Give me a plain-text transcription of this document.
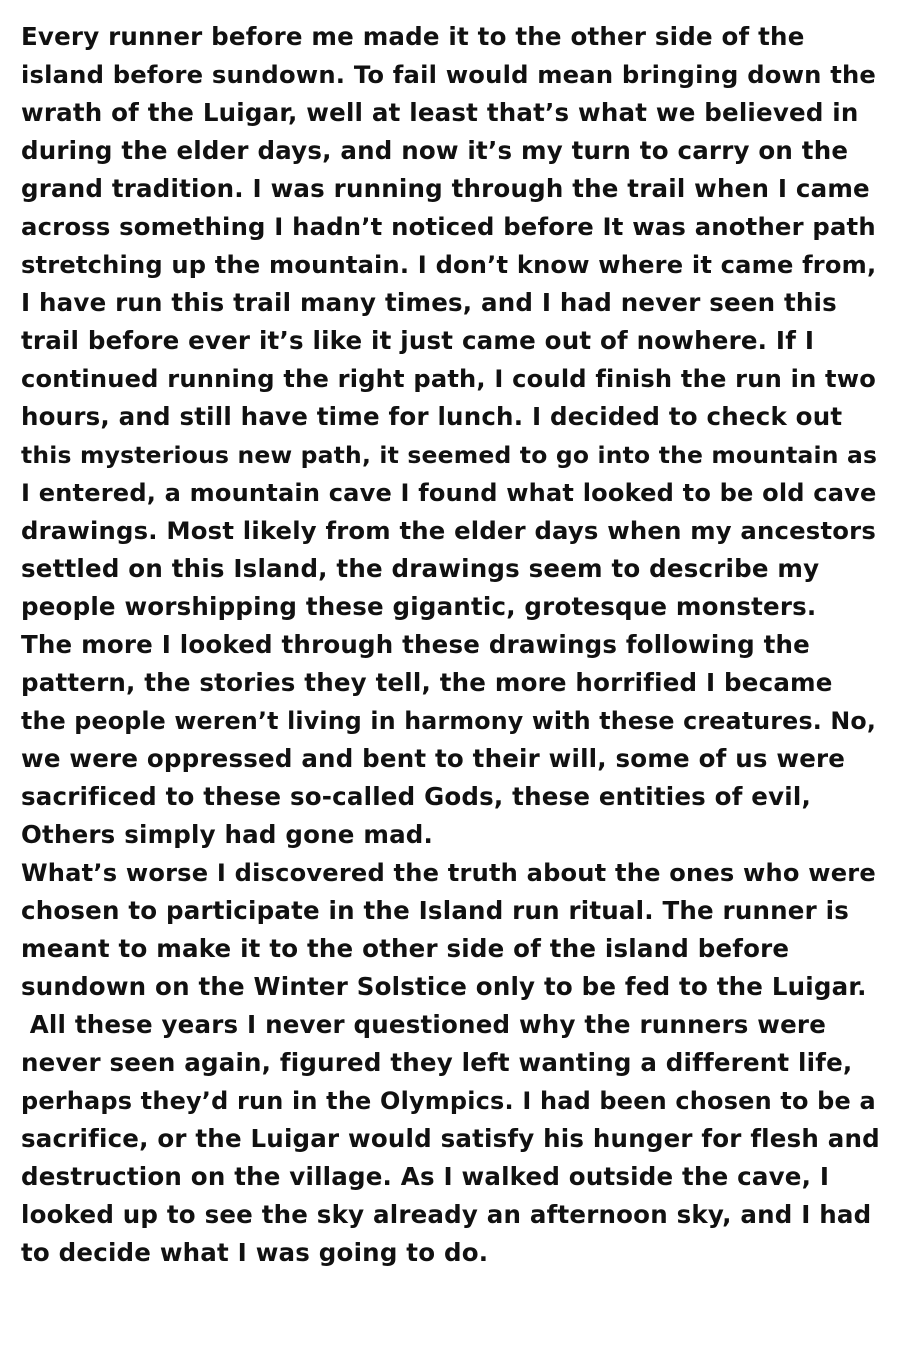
Every runner before me made it to the other side of the
island before sundown. To fail would mean bringing down the
wrath of the Luigar, well at least that’s what we believed in
during the elder days, and now it’s my turn to carry on the
grand tradition. I was running through the trail when I came
across something I hadn’t noticed before It was another path
stretching up the mountain. I don’t know where it came from,
I have run this trail many times, and I had never seen this
trail before ever it’s like it just came out of nowhere. If I
continued running the right path, I could finish the run in two
hours, and still have time for lunch. I decided to check out
this mysterious new path, it seemed to go into the mountain as
I entered, a mountain cave I found what looked to be old cave
drawings. Most likely from the elder days when my ancestors
settled on this Island, the drawings seem to describe my
people worshipping these gigantic, grotesque monsters.
The more I looked through these drawings following the
pattern, the stories they tell, the more horrified I became
the people weren’t living in harmony with these creatures. No,
we were oppressed and bent to their will, some of us were
sacrificed to these so-called Gods, these entities of evil,
Others simply had gone mad.
What’s worse I discovered the truth about the ones who were
chosen to participate in the Island run ritual. The runner is
meant to make it to the other side of the island before
sundown on the Winter Solstice only to be fed to the Luigar.
All these years I never questioned why the runners were
never seen again, figured they left wanting a different life,
perhaps they’d run in the Olympics. I had been chosen to be a
sacrifice, or the Luigar would satisfy his hunger for flesh and
destruction on the village. As I walked outside the cave, I
looked up to see the sky already an afternoon sky, and I had
to decide what I was going to do.
